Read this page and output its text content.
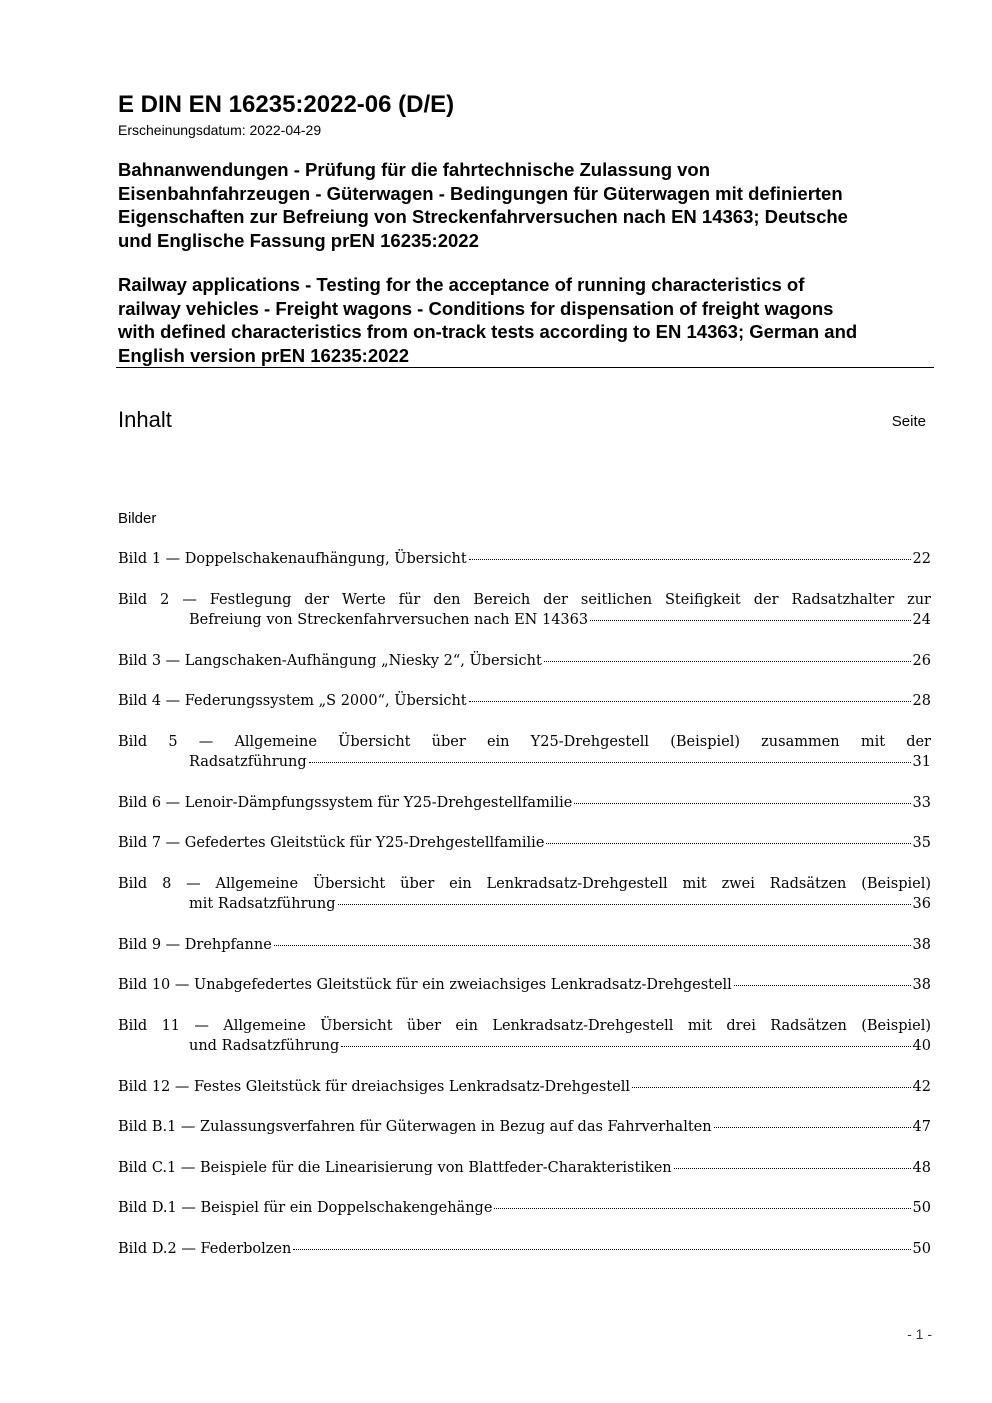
E DIN EN 16235:2022-06 (D/E)
Erscheinungsdatum: 2022-04-29
Bahnanwendungen - Prüfung für die fahrtechnische Zulassung von
Eisenbahnfahrzeugen - Güterwagen - Bedingungen für Güterwagen mit definierten
Eigenschaften zur Befreiung von Streckenfahrversuchen nach EN 14363; Deutsche
und Englische Fassung prEN 16235:2022
Railway applications - Testing for the acceptance of running characteristics of
railway vehicles - Freight wagons - Conditions for dispensation of freight wagons
with defined characteristics from on-track tests according to EN 14363; German and
English version prEN 16235:2022
Inhalt	Seite
Bilder
Bild 1 — Doppelschakenaufhängung, Übersicht	22
Bild 2 — Festlegung der Werte für den Bereich der seitlichen Steifigkeit der Radsatzhalter zur
Befreiung von Streckenfahrversuchen nach EN 14363	24
Bild 3 — Langschaken-Aufhängung „Niesky 2“, Übersicht	26
Bild 4 — Federungssystem „S 2000“, Übersicht	28
Bild 5 — Allgemeine Übersicht über ein Y25-Drehgestell (Beispiel) zusammen mit der
Radsatzführung	31
Bild 6 — Lenoir-Dämpfungssystem für Y25-Drehgestellfamilie	33
Bild 7 — Gefedertes Gleitstück für Y25-Drehgestellfamilie	35
Bild 8 — Allgemeine Übersicht über ein Lenkradsatz-Drehgestell mit zwei Radsätzen (Beispiel)
mit Radsatzführung	36
Bild 9 — Drehpfanne	38
Bild 10 — Unabgefedertes Gleitstück für ein zweiachsiges Lenkradsatz-Drehgestell	38
Bild 11 — Allgemeine Übersicht über ein Lenkradsatz-Drehgestell mit drei Radsätzen (Beispiel)
und Radsatzführung	40
Bild 12 — Festes Gleitstück für dreiachsiges Lenkradsatz-Drehgestell	42
Bild B.1 — Zulassungsverfahren für Güterwagen in Bezug auf das Fahrverhalten	47
Bild C.1 — Beispiele für die Linearisierung von Blattfeder-Charakteristiken	48
Bild D.1 — Beispiel für ein Doppelschakengehänge	50
Bild D.2 — Federbolzen	50
- 1 -
